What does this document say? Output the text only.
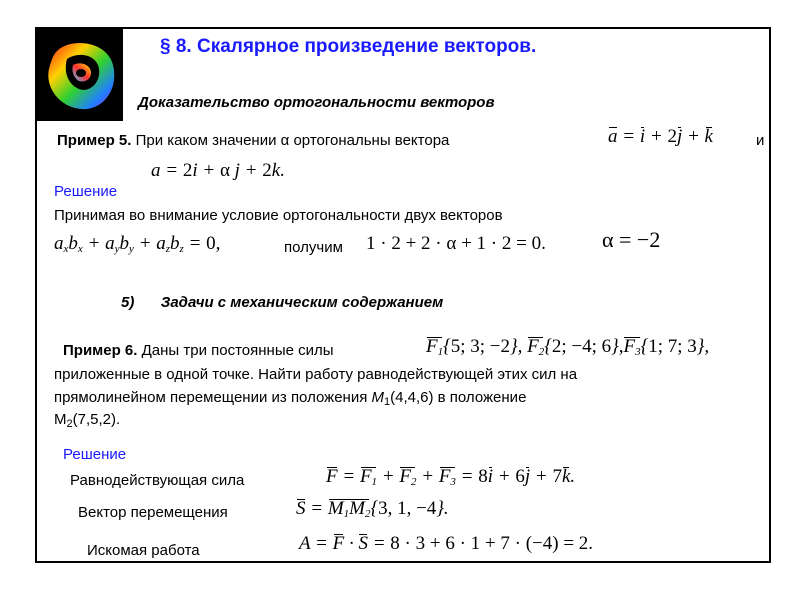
§ 8. Скалярное произведение векторов.
Доказательство ортогональности векторов
Пример 5. При каком значении α ортогональны вектора	a = i + 2j + k	и
a = 2i + α j + 2k.
Решение
Принимая во внимание условие ортогональности двух векторов
$a_xb_x + a_yb_y + a_zb_z = 0$,	получим 1 · 2 + 2 · α + 1 · 2 = 0.	α = −2
5) Задачи с механическим содержанием
Пример 6. Даны три постоянные силы	$F_1\{5$; 3; −2}, $F_2\{2$; −4; $6\},F_3\{1$; 7; 3},
приложенные в одной точке. Найти работу равнодействующей этих сил на
прямолинейном перемещении из положения $M_1(4,4,6)$ в положение
$M_2(7,5,2)$.
Решение
Равнодействующая сила	$F = F_1 + F_2 + F_3 = 8i + 6j + 7k$.
Вектор перемещения	$S = M_1M_2\{3$, 1, −4}.
Искомая работа	A = F · S = 8 · 3 + 6 · 1 + 7 · (−4) = 2.
